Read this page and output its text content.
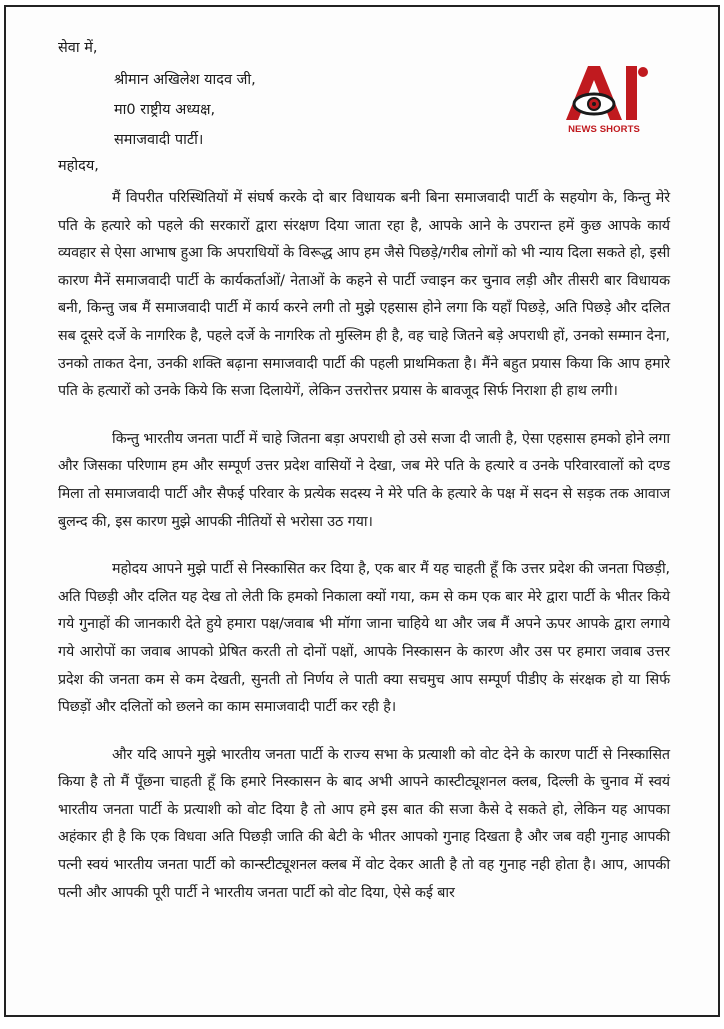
NEWS SHORTS
सेवा में,
श्रीमान अखिलेश यादव जी,
मा0 राष्ट्रीय अध्यक्ष,
समाजवादी पार्टी।
महोदय,

मैं विपरीत परिस्थितियों में संघर्ष करके दो बार विधायक बनी बिना समाजवादी पार्टी के सहयोग के, किन्तु मेरे पति के हत्यारे को पहले की सरकारों द्वारा संरक्षण दिया जाता रहा है, आपके आने के उपरान्त हमें कुछ आपके कार्य व्यवहार से ऐसा आभाष हुआ कि अपराधियों के विरूद्ध आप हम जैसे पिछड़े/गरीब लोगों को भी न्याय दिला सकते हो, इसी कारण मैनें समाजवादी पार्टी के कार्यकर्ताओं/ नेताओं के कहने से पार्टी ज्वाइन कर चुनाव लड़ी और तीसरी बार विधायक बनी, किन्तु जब मैं समाजवादी पार्टी में कार्य करने लगी तो मुझे एहसास होने लगा कि यहाँ पिछड़े, अति पिछड़े और दलित सब दूसरे दर्जे के नागरिक है, पहले दर्जे के नागरिक तो मुस्लिम ही है, वह चाहे जितने बड़े अपराधी हों, उनको सम्मान देना, उनको ताकत देना, उनकी शक्ति बढ़ाना समाजवादी पार्टी की पहली प्राथमिकता है। मैंने बहुत प्रयास किया कि आप हमारे पति के हत्यारों को उनके किये कि सजा दिलायेगें, लेकिन उत्तरोत्तर प्रयास के बावजूद सिर्फ निराशा ही हाथ लगी।

किन्तु भारतीय जनता पार्टी में चाहे जितना बड़ा अपराधी हो उसे सजा दी जाती है, ऐसा एहसास हमको होने लगा और जिसका परिणाम हम और सम्पूर्ण उत्तर प्रदेश वासियों ने देखा, जब मेरे पति के हत्यारे व उनके परिवारवालों को दण्ड मिला तो समाजवादी पार्टी और सैफई परिवार के प्रत्येक सदस्य ने मेरे पति के हत्यारे के पक्ष में सदन से सड़क तक आवाज बुलन्द की, इस कारण मुझे आपकी नीतियों से भरोसा उठ गया।

महोदय आपने मुझे पार्टी से निस्कासित कर दिया है, एक बार मैं यह चाहती हूँ कि उत्तर प्रदेश की जनता पिछड़ी, अति पिछड़ी और दलित यह देख तो लेती कि हमको निकाला क्यों गया, कम से कम एक बार मेरे द्वारा पार्टी के भीतर किये गये गुनाहों की जानकारी देते हुये हमारा पक्ष/जवाब भी मॉगा जाना चाहिये था और जब मैं अपने ऊपर आपके द्वारा लगाये गये आरोपों का जवाब आपको प्रेषित करती तो दोनों पक्षों, आपके निस्कासन के कारण और उस पर हमारा जवाब उत्तर प्रदेश की जनता कम से कम देखती, सुनती तो निर्णय ले पाती क्या सचमुच आप सम्पूर्ण पीडीए के संरक्षक हो या सिर्फ पिछड़ों और दलितों को छलने का काम समाजवादी पार्टी कर रही है।

और यदि आपने मुझे भारतीय जनता पार्टी के राज्य सभा के प्रत्याशी को वोट देने के कारण पार्टी से निस्कासित किया है तो मैं पूँछना चाहती हूँ कि हमारे निस्कासन के बाद अभी आपने कास्टीट्यूशनल क्लब, दिल्ली के चुनाव में स्वयं भारतीय जनता पार्टी के प्रत्याशी को वोट दिया है तो आप हमे इस बात की सजा कैसे दे सकते हो, लेकिन यह आपका अहंकार ही है कि एक विधवा अति पिछड़ी जाति की बेटी के भीतर आपको गुनाह दिखता है और जब वही गुनाह आपकी पत्नी स्वयं भारतीय जनता पार्टी को कान्स्टीट्यूशनल क्लब में वोट देकर आती है तो वह गुनाह नही होता है। आप, आपकी पत्नी और आपकी पूरी पार्टी ने भारतीय जनता पार्टी को वोट दिया, ऐसे कई बार
